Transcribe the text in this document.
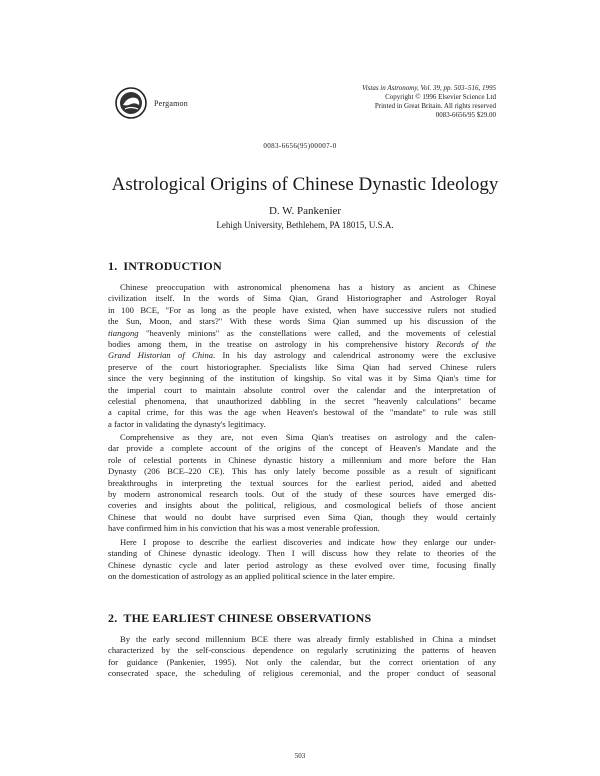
Pergamon
Vistas in Astronomy, Vol. 39, pp. 503–516, 1995
Copyright © 1996 Elsevier Science Ltd
Printed in Great Britain. All rights reserved
0083-6656/95 $29.00
0083-6656(95)00007-0
Astrological Origins of Chinese Dynastic Ideology
D. W. Pankenier
Lehigh University, Bethlehem, PA 18015, U.S.A.
1. INTRODUCTION
Chinese preoccupation with astronomical phenomena has a history as ancient as Chinese
civilization itself. In the words of Sima Qian, Grand Historiographer and Astrologer Royal
in 100 BCE, "For as long as the people have existed, when have successive rulers not studied
the Sun, Moon, and stars?" With these words Sima Qian summed up his discussion of the
tiangong "heavenly minions" as the constellations were called, and the movements of celestial
bodies among them, in the treatise on astrology in his comprehensive history Records of the
Grand Historian of China. In his day astrology and calendrical astronomy were the exclusive
preserve of the court historiographer. Specialists like Sima Qian had served Chinese rulers
since the very beginning of the institution of kingship. So vital was it by Sima Qian's time for
the imperial court to maintain absolute control over the calendar and the interpretation of
celestial phenomena, that unauthorized dabbling in the secret "heavenly calculations" became
a capital crime, for this was the age when Heaven's bestowal of the "mandate" to rule was still
a factor in validating the dynasty's legitimacy.
Comprehensive as they are, not even Sima Qian's treatises on astrology and the calen-
dar provide a complete account of the origins of the concept of Heaven's Mandate and the
role of celestial portents in Chinese dynastic history a millennium and more before the Han
Dynasty (206 BCE–220 CE). This has only lately become possible as a result of significant
breakthroughs in interpreting the textual sources for the earliest period, aided and abetted
by modern astronomical research tools. Out of the study of these sources have emerged dis-
coveries and insights about the political, religious, and cosmological beliefs of those ancient
Chinese that would no doubt have surprised even Sima Qian, though they would certainly
have confirmed him in his conviction that his was a most venerable profession.
Here I propose to describe the earliest discoveries and indicate how they enlarge our under-
standing of Chinese dynastic ideology. Then I will discuss how they relate to theories of the
Chinese dynastic cycle and later period astrology as these evolved over time, focusing finally
on the domestication of astrology as an applied political science in the later empire.
2. THE EARLIEST CHINESE OBSERVATIONS
By the early second millennium BCE there was already firmly established in China a mindset
characterized by the self-conscious dependence on regularly scrutinizing the patterns of heaven
for guidance (Pankenier, 1995). Not only the calendar, but the correct orientation of any
consecrated space, the scheduling of religious ceremonial, and the proper conduct of seasonal
503
